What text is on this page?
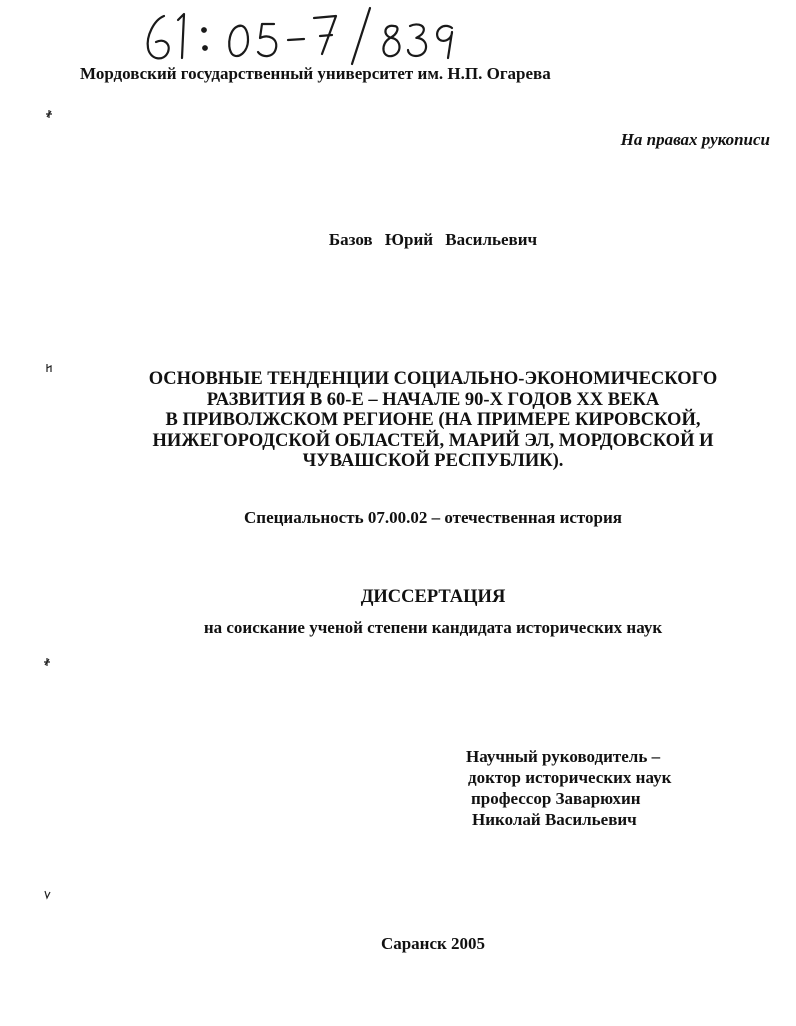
Мордовский государственный университет им. Н.П. Огарева
На правах рукописи
Базов Юрий Васильевич
ОСНОВНЫЕ ТЕНДЕНЦИИ СОЦИАЛЬНО-ЭКОНОМИЧЕСКОГО
РАЗВИТИЯ В 60-Е – НАЧАЛЕ 90-Х ГОДОВ XX ВЕКА
В ПРИВОЛЖСКОМ РЕГИОНЕ (НА ПРИМЕРЕ КИРОВСКОЙ,
НИЖЕГОРОДСКОЙ ОБЛАСТЕЙ, МАРИЙ ЭЛ, МОРДОВСКОЙ И
ЧУВАШСКОЙ РЕСПУБЛИК).
Специальность 07.00.02 – отечественная история
ДИССЕРТАЦИЯ
на соискание ученой степени кандидата исторических наук
Научный руководитель –
доктор исторических наук
профессор Заварюхин
Николай Васильевич
Саранск 2005
